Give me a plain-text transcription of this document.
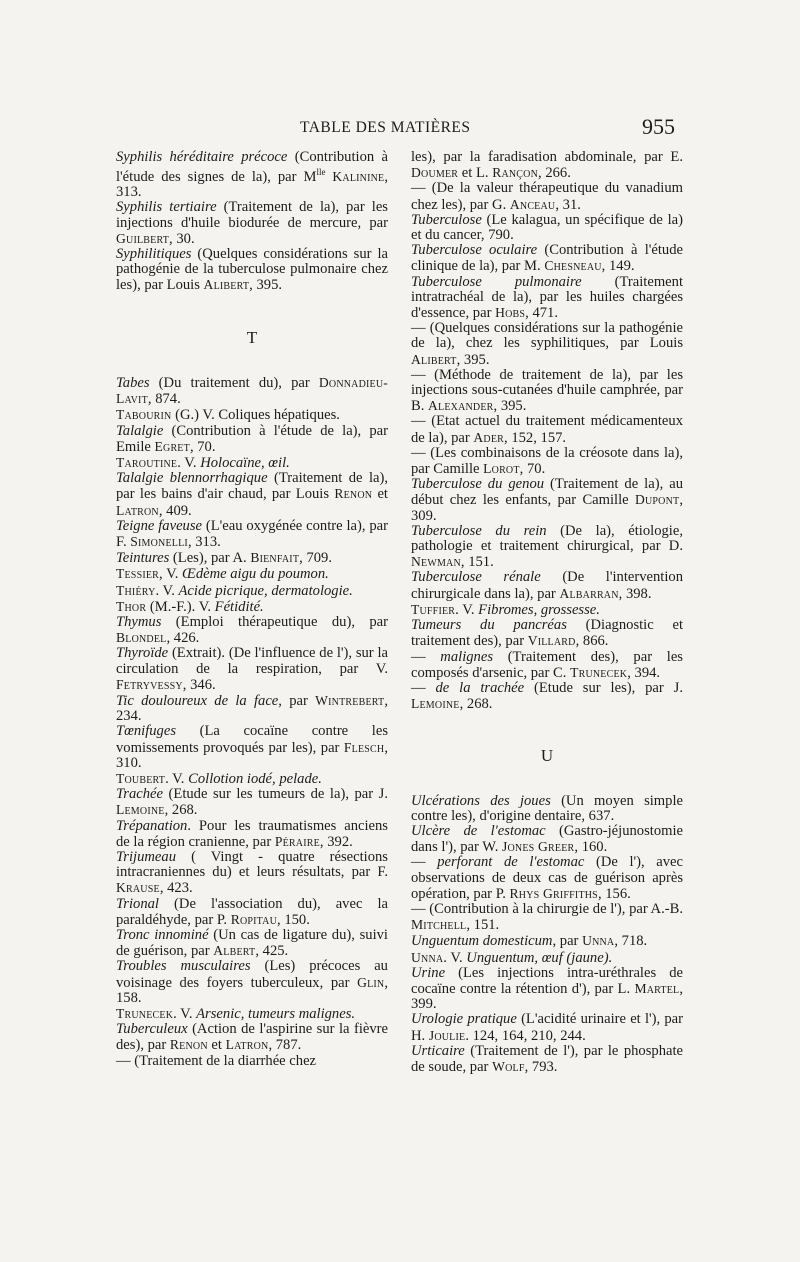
TABLE DES MATIÈRES	955
Syphilis héréditaire précoce (Contribution à l'étude des signes de la), par $M^{lle}$ Kalinine, 313.
Syphilis tertiaire (Traitement de la), par les injections d'huile biodurée de mercure, par Guilbert, 30.
Syphilitiques (Quelques considérations sur la pathogénie de la tuberculose pulmonaire chez les), par Louis Alibert, 395.
T
Tabes (Du traitement du), par Donnadieu-Lavit, 874.
Tabourin (G.) V. Coliques hépatiques.
Talalgie (Contribution à l'étude de la), par Emile Egret, 70.
Taroutine. V. Holocaïne, œil.
Talalgie blennorrhagique (Traitement de la), par les bains d'air chaud, par Louis Renon et Latron, 409.
Teigne faveuse (L'eau oxygénée contre la), par F. Simonelli, 313.
Teintures (Les), par A. Bienfait, 709.
Tessier, V. Œdème aigu du poumon.
Thiéry. V. Acide picrique, dermatologie.
Thor (M.-F.). V. Fétidité.
Thymus (Emploi thérapeutique du), par Blondel, 426.
Thyroïde (Extrait). (De l'influence de l'), sur la circulation de la respiration, par V. Fetryvessy, 346.
Tic douloureux de la face, par Wintrebert, 234.
Tœnifuges (La cocaïne contre les vomissements provoqués par les), par Flesch, 310.
Toubert. V. Collotion iodé, pelade.
Trachée (Etude sur les tumeurs de la), par J. Lemoine, 268.
Trépanation. Pour les traumatismes anciens de la région cranienne, par Péraire, 392.
Trijumeau ( Vingt - quatre résections intracraniennes du) et leurs résultats, par F. Krause, 423.
Trional (De l'association du), avec la paraldéhyde, par P. Ropitau, 150.
Tronc innominé (Un cas de ligature du), suivi de guérison, par Albert, 425.
Troubles musculaires (Les) précoces au voisinage des foyers tuberculeux, par Glin, 158.
Trunecek. V. Arsenic, tumeurs malignes.
Tuberculeux (Action de l'aspirine sur la fièvre des), par Renon et Latron, 787.
— (Traitement de la diarrhée chez
les), par la faradisation abdominale, par E. Doumer et L. Rançon, 266.
— (De la valeur thérapeutique du vanadium chez les), par G. Anceau, 31.
Tuberculose (Le kalagua, un spécifique de la) et du cancer, 790.
Tuberculose oculaire (Contribution à l'étude clinique de la), par M. Chesneau, 149.
Tuberculose pulmonaire (Traitement intratrachéal de la), par les huiles chargées d'essence, par Hobs, 471.
— (Quelques considérations sur la pathogénie de la), chez les syphilitiques, par Louis Alibert, 395.
— (Méthode de traitement de la), par les injections sous-cutanées d'huile camphrée, par B. Alexander, 395.
— (Etat actuel du traitement médicamenteux de la), par Ader, 152, 157.
— (Les combinaisons de la créosote dans la), par Camille Lorot, 70.
Tuberculose du genou (Traitement de la), au début chez les enfants, par Camille Dupont, 309.
Tuberculose du rein (De la), étiologie, pathologie et traitement chirurgical, par D. Newman, 151.
Tuberculose rénale (De l'intervention chirurgicale dans la), par Albarran, 398.
Tuffier. V. Fibromes, grossesse.
Tumeurs du pancréas (Diagnostic et traitement des), par Villard, 866.
— malignes (Traitement des), par les composés d'arsenic, par C. Trunecek, 394.
— de la trachée (Etude sur les), par J. Lemoine, 268.
U
Ulcérations des joues (Un moyen simple contre les), d'origine dentaire, 637.
Ulcère de l'estomac (Gastro-jéjunostomie dans l'), par W. Jones Greer, 160.
— perforant de l'estomac (De l'), avec observations de deux cas de guérison après opération, par P. Rhys Griffiths, 156.
— (Contribution à la chirurgie de l'), par A.-B. Mitchell, 151.
Unguentum domesticum, par Unna, 718.
Unna. V. Unguentum, œuf (jaune).
Urine (Les injections intra-uréthrales de cocaïne contre la rétention d'), par L. Martel, 399.
Urologie pratique (L'acidité urinaire et l'), par H. Joulie. 124, 164, 210, 244.
Urticaire (Traitement de l'), par le phosphate de soude, par Wolf, 793.
